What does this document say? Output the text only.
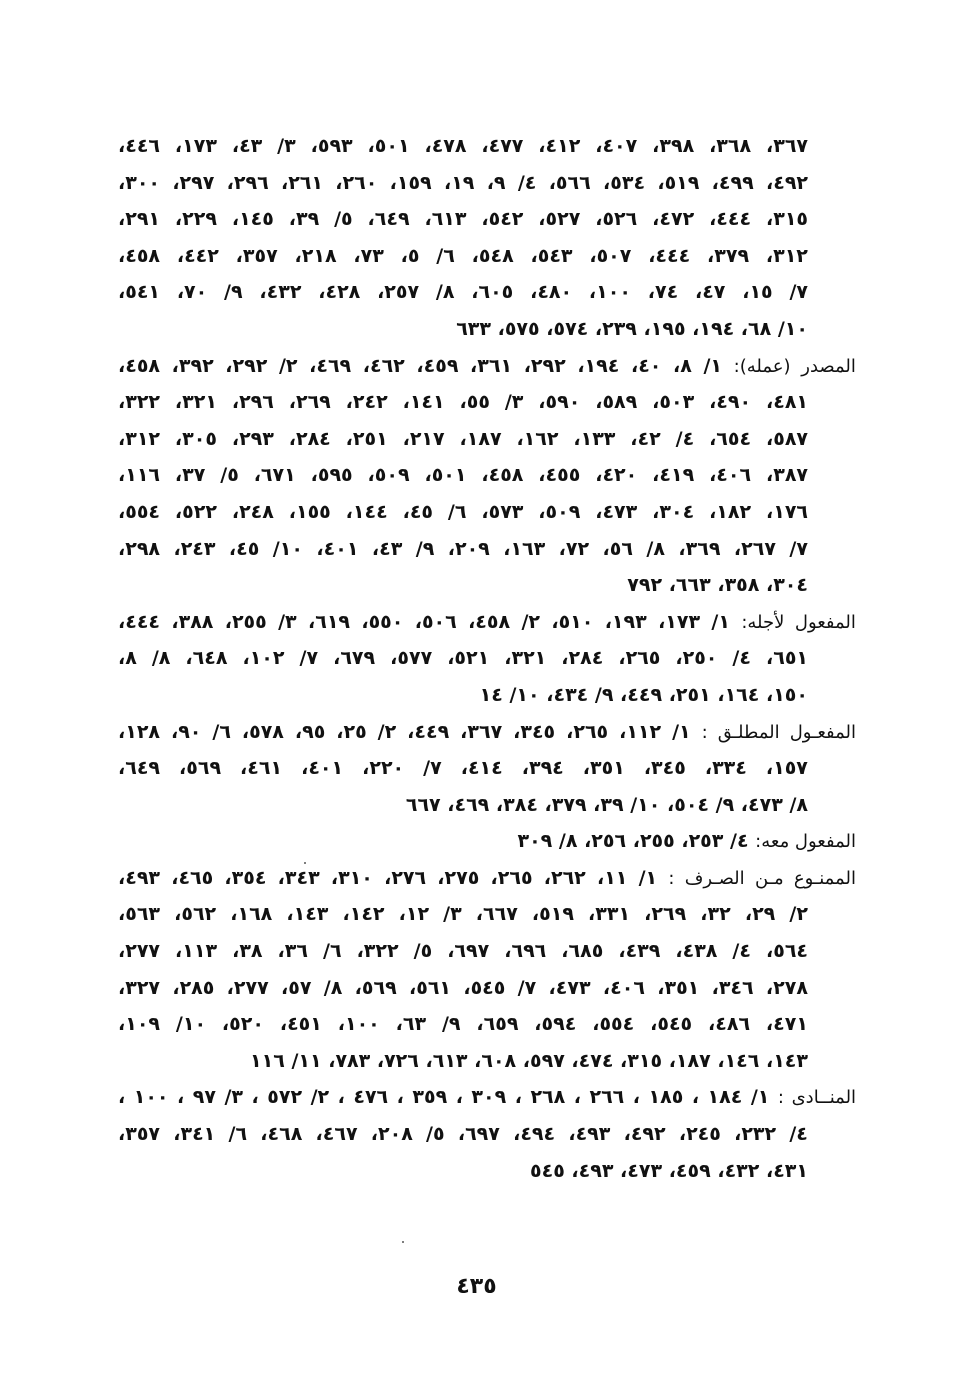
٣٦٧، ٣٦٨، ٣٩٨، ٤٠٧، ٤١٢، ٤٧٧، ٤٧٨، ٥٠١، ٥٩٣، ٣/ ٤٣، ١٧٣، ٤٤٦،
٤٩٢، ٤٩٩، ٥١٩، ٥٣٤، ٥٦٦، ٤/ ٩، ١٩، ١٥٩، ٢٦٠، ٢٦١، ٢٩٦، ٢٩٧، ٣٠٠،
٣١٥، ٤٤٤، ٤٧٢، ٥٢٦، ٥٢٧، ٥٤٢، ٦١٣، ٦٤٩، ٥/ ٣٩، ١٤٥، ٢٢٩، ٢٩١،
٣١٢، ٣٧٩، ٤٤٤، ٥٠٧، ٥٤٣، ٥٤٨، ٦/ ٥، ٧٣، ٢١٨، ٣٥٧، ٤٤٢، ٤٥٨،
٧/ ١٥، ٤٧، ٧٤، ١٠٠، ٤٨٠، ٦٠٥، ٨/ ٢٥٧، ٤٢٨، ٤٣٢، ٩/ ٧٠، ٥٤١،
١٠/ ٦٨، ١٩٤، ١٩٥، ٢٣٩، ٥٧٤، ٥٧٥، ٦٣٣
المصدر (عمله): ١/ ٨، ٤٠، ١٩٤، ٢٩٢، ٣٦١، ٤٥٩، ٤٦٢، ٤٦٩، ٢/ ٢٩٢، ٣٩٢، ٤٥٨،
٤٨١، ٤٩٠، ٥٠٣، ٥٨٩، ٥٩٠، ٣/ ٥٥، ١٤١، ٢٤٢، ٢٦٩، ٢٩٦، ٣٢١، ٣٢٢،
٥٨٧، ٦٥٤، ٤/ ٤٢، ١٣٣، ١٦٢، ١٨٧، ٢١٧، ٢٥١، ٢٨٤، ٢٩٣، ٣٠٥، ٣١٢،
٣٨٧، ٤٠٦، ٤١٩، ٤٢٠، ٤٥٥، ٤٥٨، ٥٠١، ٥٠٩، ٥٩٥، ٦٧١، ٥/ ٣٧، ١١٦،
١٧٦، ١٨٢، ٣٠٤، ٤٧٣، ٥٠٩، ٥٧٣، ٦/ ٤٥، ١٤٤، ١٥٥، ٢٤٨، ٥٢٢، ٥٥٤،
٧/ ٢٦٧، ٣٦٩، ٨/ ٥٦، ٧٢، ١٦٣، ٢٠٩، ٩/ ٤٣، ٤٠١، ١٠/ ٤٥، ٢٤٣، ٢٩٨،
٣٠٤، ٣٥٨، ٦٦٣، ٧٩٢
المفعول لأجله: ١/ ١٧٣، ١٩٣، ٥١٠، ٢/ ٤٥٨، ٥٠٦، ٥٥٠، ٦١٩، ٣/ ٢٥٥، ٣٨٨، ٤٤٤،
٦٥١، ٤/ ٢٥٠، ٢٦٥، ٢٨٤، ٣٢١، ٥٢١، ٥٧٧، ٦٧٩، ٧/ ١٠٢، ٦٤٨، ٨/ ٨،
١٥٠، ١٦٤، ٢٥١، ٤٤٩، ٩/ ٤٣٤، ١٠/ ١٤
المفعـول المطلـق : ١/ ١١٢، ٢٦٥، ٣٤٥، ٣٦٧، ٤٤٩، ٢/ ٢٥، ٩٥، ٥٧٨، ٦/ ٩٠، ١٢٨،
١٥٧، ٣٣٤، ٣٤٥، ٣٥١، ٣٩٤، ٤١٤، ٧/ ٢٢٠، ٤٠١، ٤٦١، ٥٦٩، ٦٤٩،
٨/ ٤٧٣، ٩/ ٥٠٤، ١٠/ ٣٩، ٣٧٩، ٣٨٤، ٤٦٩، ٦٦٧
المفعول معه: ٤/ ٢٥٣، ٢٥٥، ٢٥٦، ٨/ ٣٠٩
الممنـوع مـن الصـرف : ١/ ١١، ٢٦٢، ٢٦٥، ٢٧٥، ٢٧٦، ٣١٠، ٣٤٣، ٣٥٤، ٤٦٥، ٤٩٣،
٢/ ٢٩، ٣٢، ٢٦٩، ٣٣١، ٥١٩، ٦٦٧، ٣/ ١٢، ١٤٢، ١٤٣، ١٦٨، ٥٦٢، ٥٦٣،
٥٦٤، ٤/ ٤٣٨، ٤٣٩، ٦٨٥، ٦٩٦، ٦٩٧، ٥/ ٣٢٢، ٦/ ٣٦، ٣٨، ١١٣، ٢٧٧،
٢٧٨، ٣٤٦، ٣٥١، ٤٠٦، ٤٧٣، ٧/ ٥٤٥، ٥٦١، ٥٦٩، ٨/ ٥٧، ٢٧٧، ٢٨٥، ٣٢٧،
٤٧١، ٤٨٦، ٥٤٥، ٥٥٤، ٥٩٤، ٦٥٩، ٩/ ٦٣، ١٠٠، ٤٥١، ٥٢٠، ١٠/ ١٠٩،
١٤٣، ١٤٦، ١٨٧، ٣١٥، ٤٧٤، ٥٩٧، ٦٠٨، ٦١٣، ٧٢٦، ٧٨٣، ١١/ ١١٦
المنــادى : ١/ ١٨٤ ، ١٨٥ ، ٢٦٦ ، ٢٦٨ ، ٣٠٩ ، ٣٥٩ ، ٤٧٦ ، ٢/ ٥٧٢ ، ٣/ ٩٧ ، ١٠٠ ،
٤/ ٢٣٢، ٢٤٥، ٤٩٢، ٤٩٣، ٤٩٤، ٦٩٧، ٥/ ٢٠٨، ٤٦٧، ٤٦٨، ٦/ ٣٤١، ٣٥٧،
٤٣١، ٤٣٢، ٤٥٩، ٤٧٣، ٤٩٣، ٥٤٥
٤٣٥
